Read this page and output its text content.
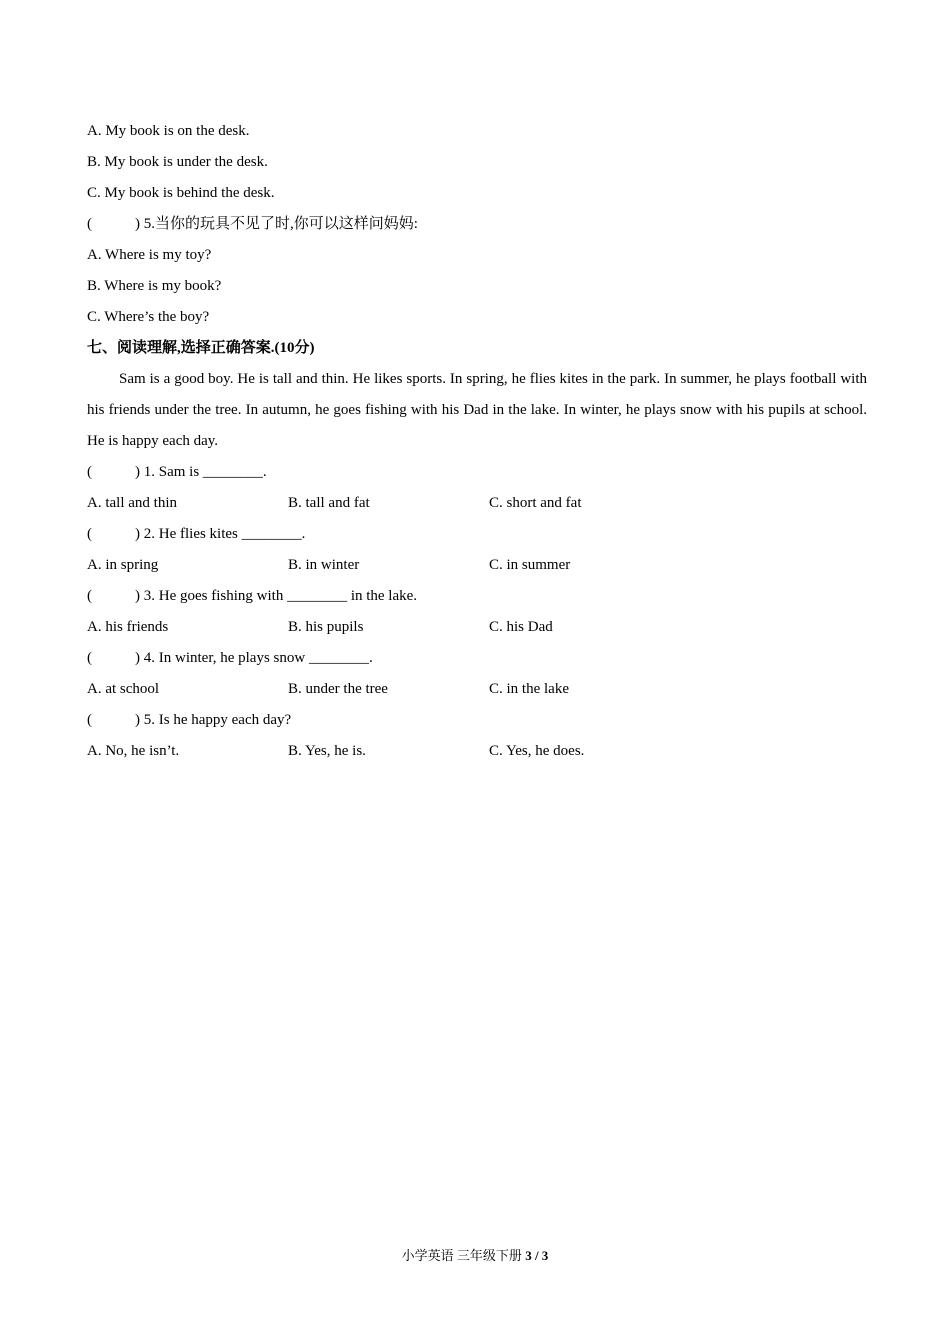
A. My book is on the desk.
B. My book is under the desk.
C. My book is behind the desk.
(	) 5.当你的玩具不见了时,你可以这样问妈妈:
A. Where is my toy?
B. Where is my book?
C. Where’s the boy?
七、阅读理解,选择正确答案.(10分)
Sam is a good boy. He is tall and thin. He likes sports. In spring, he flies kites in the park. In summer, he plays football with his friends under the tree. In autumn, he goes fishing with his Dad in the lake. In winter, he plays snow with his pupils at school. He is happy each day.
(	) 1. Sam is ________.
A. tall and thin	B. tall and fat	C. short and fat
(	) 2. He flies kites ________.
A. in spring	B. in winter	C. in summer
(	) 3. He goes fishing with ________ in the lake.
A. his friends	B. his pupils	C. his Dad
(	) 4. In winter, he plays snow ________.
A. at school	B. under the tree	C. in the lake
(	) 5. Is he happy each day?
A. No, he isn’t.	B. Yes, he is.	C. Yes, he does.
小学英语 三年级下册 3 / 3
